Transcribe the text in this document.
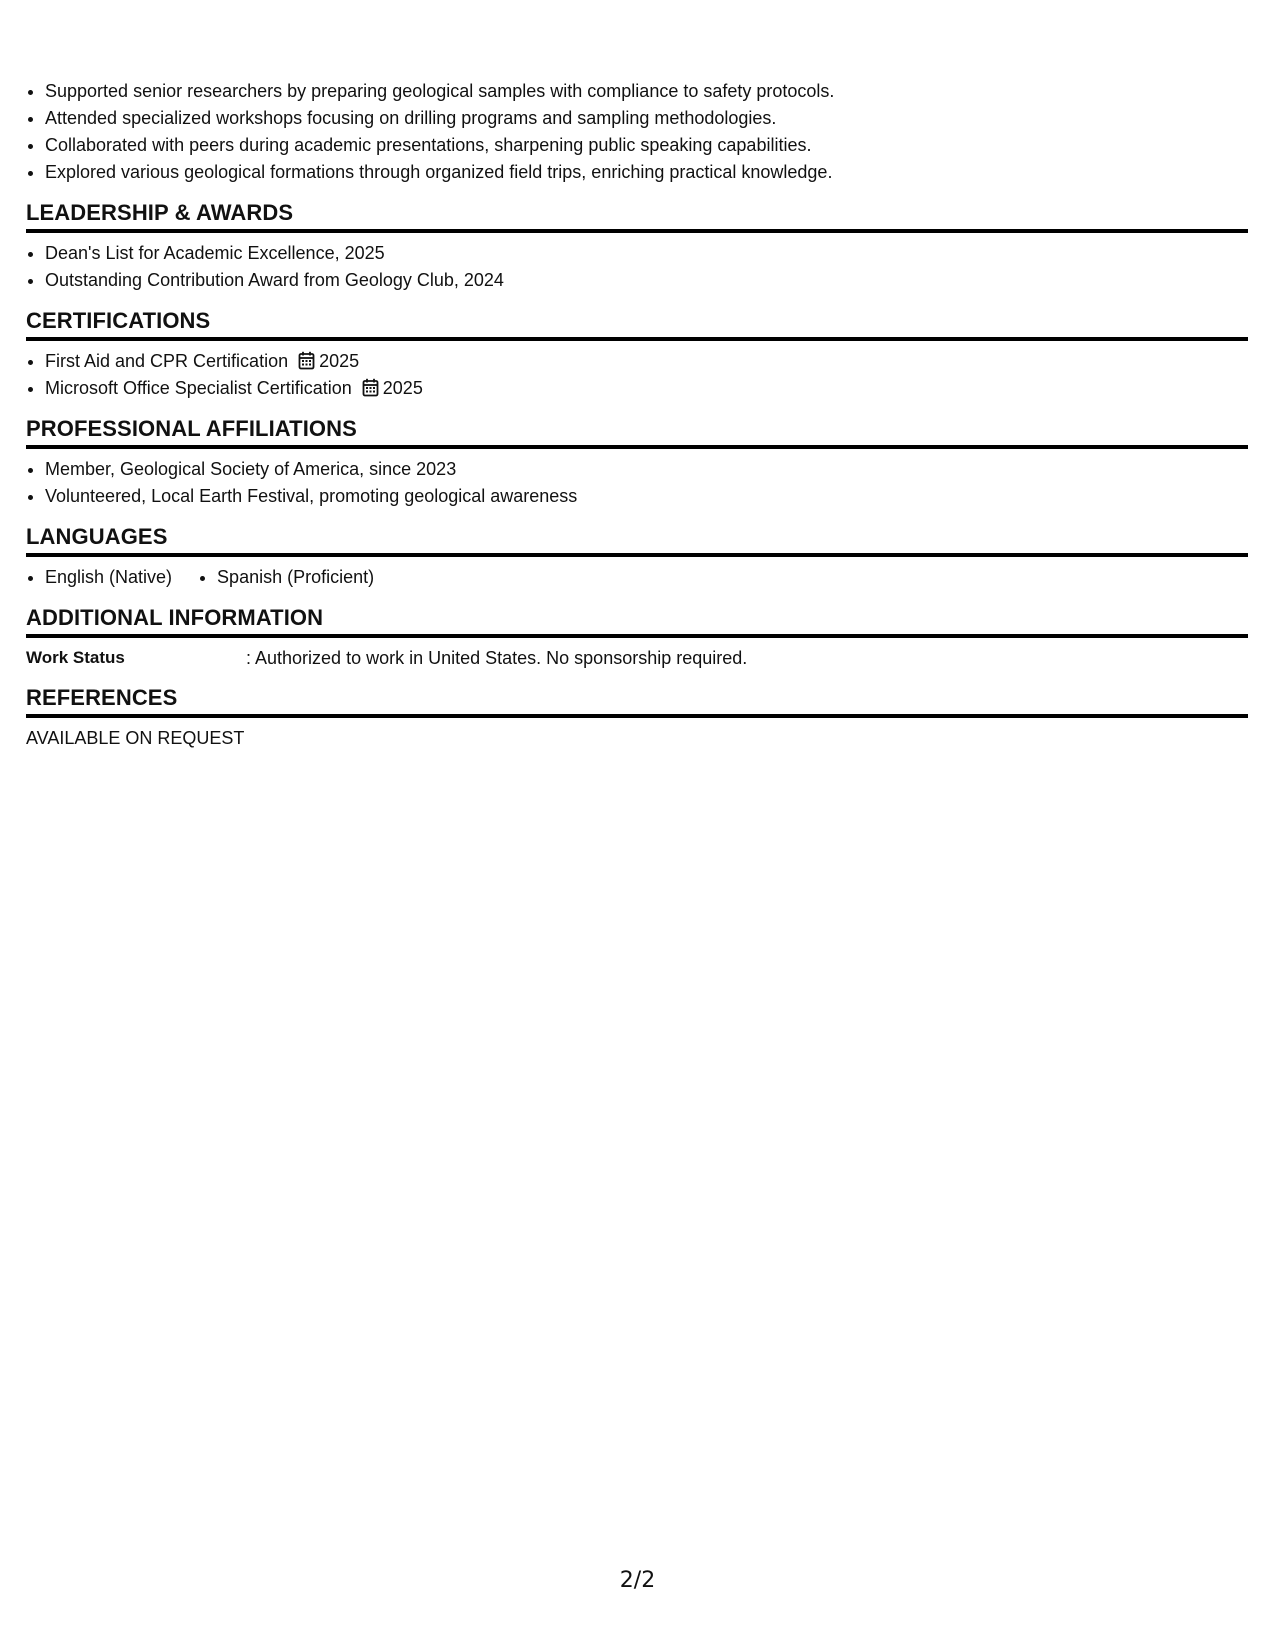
• Supported senior researchers by preparing geological samples with compliance to safety protocols.
• Attended specialized workshops focusing on drilling programs and sampling methodologies.
• Collaborated with peers during academic presentations, sharpening public speaking capabilities.
• Explored various geological formations through organized field trips, enriching practical knowledge.
LEADERSHIP & AWARDS
• Dean's List for Academic Excellence, 2025
• Outstanding Contribution Award from Geology Club, 2024
CERTIFICATIONS
• First Aid and CPR Certification 2025
• Microsoft Office Specialist Certification 2025
PROFESSIONAL AFFILIATIONS
• Member, Geological Society of America, since 2023
• Volunteered, Local Earth Festival, promoting geological awareness
LANGUAGES
• English (Native)
•	Spanish (Proficient)
ADDITIONAL INFORMATION
Work Status	: Authorized to work in United States. No sponsorship required.
REFERENCES
AVAILABLE ON REQUEST
2/2
